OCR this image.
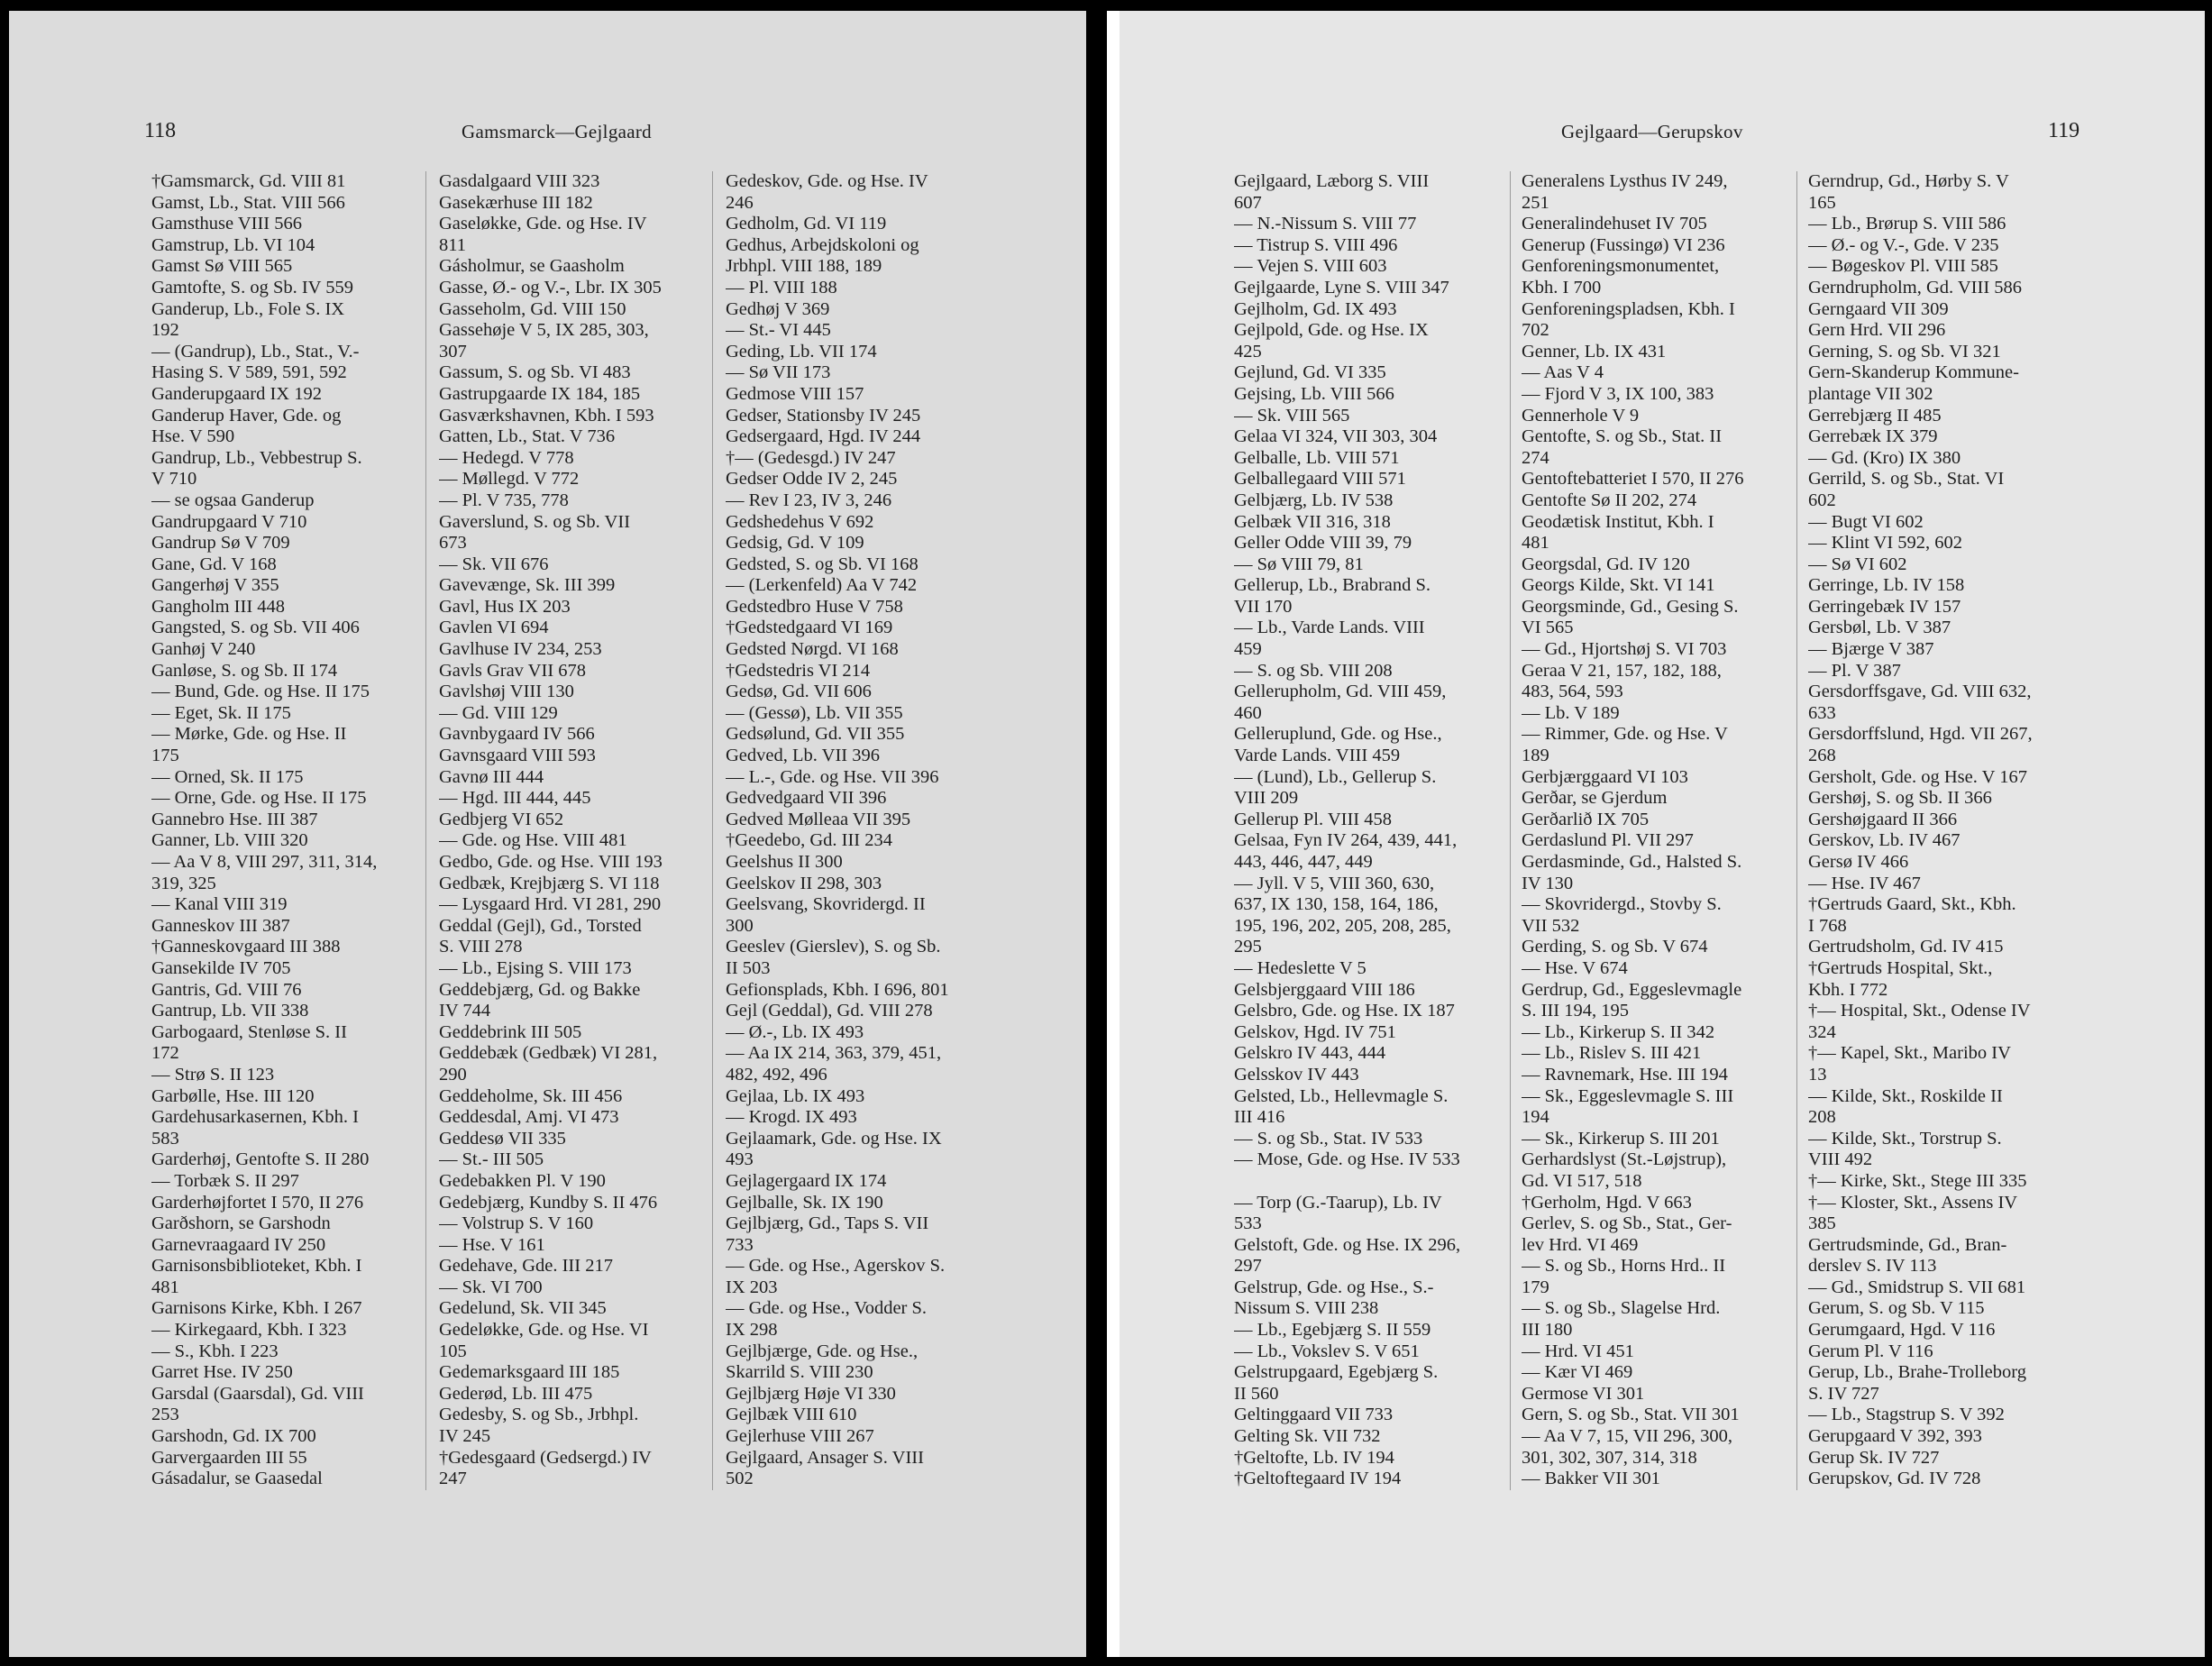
118	Gamsmarck—Gejlgaard
†Gamsmarck, Gd. VIII 81
Gamst, Lb., Stat. VIII 566
Gamsthuse VIII 566
Gamstrup, Lb. VI 104
Gamst Sø VIII 565
Gamtofte, S. og Sb. IV 559
Ganderup, Lb., Fole S. IX
192
— (Gandrup), Lb., Stat., V.-
Hasing S. V 589, 591, 592
Ganderupgaard IX 192
Ganderup Haver, Gde. og
Hse. V 590
Gandrup, Lb., Vebbestrup S.
V 710
— se ogsaa Ganderup
Gandrupgaard V 710
Gandrup Sø V 709
Gane, Gd. V 168
Gangerhøj V 355
Gangholm III 448
Gangsted, S. og Sb. VII 406
Ganhøj V 240
Ganløse, S. og Sb. II 174
— Bund, Gde. og Hse. II 175
— Eget, Sk. II 175
— Mørke, Gde. og Hse. II
175
— Orned, Sk. II 175
— Orne, Gde. og Hse. II 175
Gannebro Hse. III 387
Ganner, Lb. VIII 320
— Aa V 8, VIII 297, 311, 314,
319, 325
— Kanal VIII 319
Ganneskov III 387
†Ganneskovgaard III 388
Gansekilde IV 705
Gantris, Gd. VIII 76
Gantrup, Lb. VII 338
Garbogaard, Stenløse S. II
172
— Strø S. II 123
Garbølle, Hse. III 120
Gardehusarkasernen, Kbh. I
583
Garderhøj, Gentofte S. II 280
— Torbæk S. II 297
Garderhøjfortet I 570, II 276
Garðshorn, se Garshodn
Garnevraagaard IV 250
Garnisonsbiblioteket, Kbh. I
481
Garnisons Kirke, Kbh. I 267
— Kirkegaard, Kbh. I 323
— S., Kbh. I 223
Garret Hse. IV 250
Garsdal (Gaarsdal), Gd. VIII
253
Garshodn, Gd. IX 700
Garvergaarden III 55
Gásadalur, se Gaasedal
Gasdalgaard VIII 323
Gasekærhuse III 182
Gaseløkke, Gde. og Hse. IV
811
Gásholmur, se Gaasholm
Gasse, Ø.- og V.-, Lbr. IX 305
Gasseholm, Gd. VIII 150
Gassehøje V 5, IX 285, 303,
307
Gassum, S. og Sb. VI 483
Gastrupgaarde IX 184, 185
Gasværkshavnen, Kbh. I 593
Gatten, Lb., Stat. V 736
— Hedegd. V 778
— Møllegd. V 772
— Pl. V 735, 778
Gaverslund, S. og Sb. VII
673
— Sk. VII 676
Gavevænge, Sk. III 399
Gavl, Hus IX 203
Gavlen VI 694
Gavlhuse IV 234, 253
Gavls Grav VII 678
Gavlshøj VIII 130
— Gd. VIII 129
Gavnbygaard IV 566
Gavnsgaard VIII 593
Gavnø III 444
— Hgd. III 444, 445
Gedbjerg VI 652
— Gde. og Hse. VIII 481
Gedbo, Gde. og Hse. VIII 193
Gedbæk, Krejbjærg S. VI 118
— Lysgaard Hrd. VI 281, 290
Geddal (Gejl), Gd., Torsted
S. VIII 278
— Lb., Ejsing S. VIII 173
Geddebjærg, Gd. og Bakke
IV 744
Geddebrink III 505
Geddebæk (Gedbæk) VI 281,
290
Geddeholme, Sk. III 456
Geddesdal, Amj. VI 473
Geddesø VII 335
— St.- III 505
Gedebakken Pl. V 190
Gedebjærg, Kundby S. II 476
— Volstrup S. V 160
— Hse. V 161
Gedehave, Gde. III 217
— Sk. VI 700
Gedelund, Sk. VII 345
Gedeløkke, Gde. og Hse. VI
105
Gedemarksgaard III 185
Gederød, Lb. III 475
Gedesby, S. og Sb., Jrbhpl.
IV 245
†Gedesgaard (Gedsergd.) IV
247
Gedeskov, Gde. og Hse. IV
246
Gedholm, Gd. VI 119
Gedhus, Arbejdskoloni og
Jrbhpl. VIII 188, 189
— Pl. VIII 188
Gedhøj V 369
— St.- VI 445
Geding, Lb. VII 174
— Sø VII 173
Gedmose VIII 157
Gedser, Stationsby IV 245
Gedsergaard, Hgd. IV 244
†— (Gedesgd.) IV 247
Gedser Odde IV 2, 245
— Rev I 23, IV 3, 246
Gedshedehus V 692
Gedsig, Gd. V 109
Gedsted, S. og Sb. VI 168
— (Lerkenfeld) Aa V 742
Gedstedbro Huse V 758
†Gedstedgaard VI 169
Gedsted Nørgd. VI 168
†Gedstedris VI 214
Gedsø, Gd. VII 606
— (Gessø), Lb. VII 355
Gedsølund, Gd. VII 355
Gedved, Lb. VII 396
— L.-, Gde. og Hse. VII 396
Gedvedgaard VII 396
Gedved Mølleaa VII 395
†Geedebo, Gd. III 234
Geelshus II 300
Geelskov II 298, 303
Geelsvang, Skovridergd. II
300
Geeslev (Gierslev), S. og Sb.
II 503
Gefionsplads, Kbh. I 696, 801
Gejl (Geddal), Gd. VIII 278
— Ø.-, Lb. IX 493
— Aa IX 214, 363, 379, 451,
482, 492, 496
Gejlaa, Lb. IX 493
— Krogd. IX 493
Gejlaamark, Gde. og Hse. IX
493
Gejlagergaard IX 174
Gejlballe, Sk. IX 190
Gejlbjærg, Gd., Taps S. VII
733
— Gde. og Hse., Agerskov S.
IX 203
— Gde. og Hse., Vodder S.
IX 298
Gejlbjærge, Gde. og Hse.,
Skarrild S. VIII 230
Gejlbjærg Høje VI 330
Gejlbæk VIII 610
Gejlerhuse VIII 267
Gejlgaard, Ansager S. VIII
502
Gejlgaard—Gerupskov	119
Gejlgaard, Læborg S. VIII
607
— N.-Nissum S. VIII 77
— Tistrup S. VIII 496
— Vejen S. VIII 603
Gejlgaarde, Lyne S. VIII 347
Gejlholm, Gd. IX 493
Gejlpold, Gde. og Hse. IX
425
Gejlund, Gd. VI 335
Gejsing, Lb. VIII 566
— Sk. VIII 565
Gelaa VI 324, VII 303, 304
Gelballe, Lb. VIII 571
Gelballegaard VIII 571
Gelbjærg, Lb. IV 538
Gelbæk VII 316, 318
Geller Odde VIII 39, 79
— Sø VIII 79, 81
Gellerup, Lb., Brabrand S.
VII 170
— Lb., Varde Lands. VIII
459
— S. og Sb. VIII 208
Gellerupholm, Gd. VIII 459,
460
Gelleruplund, Gde. og Hse.,
Varde Lands. VIII 459
— (Lund), Lb., Gellerup S.
VIII 209
Gellerup Pl. VIII 458
Gelsaa, Fyn IV 264, 439, 441,
443, 446, 447, 449
— Jyll. V 5, VIII 360, 630,
637, IX 130, 158, 164, 186,
195, 196, 202, 205, 208, 285,
295
— Hedeslette V 5
Gelsbjerggaard VIII 186
Gelsbro, Gde. og Hse. IX 187
Gelskov, Hgd. IV 751
Gelskro IV 443, 444
Gelsskov IV 443
Gelsted, Lb., Hellevmagle S.
III 416
— S. og Sb., Stat. IV 533
— Mose, Gde. og Hse. IV 533
— Torp (G.-Taarup), Lb. IV
533
Gelstoft, Gde. og Hse. IX 296,
297
Gelstrup, Gde. og Hse., S.-
Nissum S. VIII 238
— Lb., Egebjærg S. II 559
— Lb., Vokslev S. V 651
Gelstrupgaard, Egebjærg S.
II 560
Geltinggaard VII 733
Gelting Sk. VII 732
†Geltofte, Lb. IV 194
†Geltoftegaard IV 194
Generalens Lysthus IV 249,
251
Generalindehuset IV 705
Generup (Fussingø) VI 236
Genforeningsmonumentet,
Kbh. I 700
Genforeningspladsen, Kbh. I
702
Genner, Lb. IX 431
— Aas V 4
— Fjord V 3, IX 100, 383
Gennerhole V 9
Gentofte, S. og Sb., Stat. II
274
Gentoftebatteriet I 570, II 276
Gentofte Sø II 202, 274
Geodætisk Institut, Kbh. I
481
Georgsdal, Gd. IV 120
Georgs Kilde, Skt. VI 141
Georgsminde, Gd., Gesing S.
VI 565
— Gd., Hjortshøj S. VI 703
Geraa V 21, 157, 182, 188,
483, 564, 593
— Lb. V 189
— Rimmer, Gde. og Hse. V
189
Gerbjærggaard VI 103
Gerðar, se Gjerdum
Gerðarlið IX 705
Gerdaslund Pl. VII 297
Gerdasminde, Gd., Halsted S.
IV 130
— Skovridergd., Stovby S.
VII 532
Gerding, S. og Sb. V 674
— Hse. V 674
Gerdrup, Gd., Eggeslevmagle
S. III 194, 195
— Lb., Kirkerup S. II 342
— Lb., Rislev S. III 421
— Ravnemark, Hse. III 194
— Sk., Eggeslevmagle S. III
194
— Sk., Kirkerup S. III 201
Gerhardslyst (St.-Løjstrup),
Gd. VI 517, 518
†Gerholm, Hgd. V 663
Gerlev, S. og Sb., Stat., Ger-
lev Hrd. VI 469
— S. og Sb., Horns Hrd.. II
179
— S. og Sb., Slagelse Hrd.
III 180
— Hrd. VI 451
— Kær VI 469
Germose VI 301
Gern, S. og Sb., Stat. VII 301
— Aa V 7, 15, VII 296, 300,
301, 302, 307, 314, 318
— Bakker VII 301
Gerndrup, Gd., Hørby S. V
165
— Lb., Brørup S. VIII 586
— Ø.- og V.-, Gde. V 235
— Bøgeskov Pl. VIII 585
Gerndrupholm, Gd. VIII 586
Gerngaard VII 309
Gern Hrd. VII 296
Gerning, S. og Sb. VI 321
Gern-Skanderup Kommune-
plantage VII 302
Gerrebjærg II 485
Gerrebæk IX 379
— Gd. (Kro) IX 380
Gerrild, S. og Sb., Stat. VI
602
— Bugt VI 602
— Klint VI 592, 602
— Sø VI 602
Gerringe, Lb. IV 158
Gerringebæk IV 157
Gersbøl, Lb. V 387
— Bjærge V 387
— Pl. V 387
Gersdorffsgave, Gd. VIII 632,
633
Gersdorffslund, Hgd. VII 267,
268
Gersholt, Gde. og Hse. V 167
Gershøj, S. og Sb. II 366
Gershøjgaard II 366
Gerskov, Lb. IV 467
Gersø IV 466
— Hse. IV 467
†Gertruds Gaard, Skt., Kbh.
I 768
Gertrudsholm, Gd. IV 415
†Gertruds Hospital, Skt.,
Kbh. I 772
†— Hospital, Skt., Odense IV
324
†— Kapel, Skt., Maribo IV
13
— Kilde, Skt., Roskilde II
208
— Kilde, Skt., Torstrup S.
VIII 492
†— Kirke, Skt., Stege III 335
†— Kloster, Skt., Assens IV
385
Gertrudsminde, Gd., Bran-
derslev S. IV 113
— Gd., Smidstrup S. VII 681
Gerum, S. og Sb. V 115
Gerumgaard, Hgd. V 116
Gerum Pl. V 116
Gerup, Lb., Brahe-Trolleborg
S. IV 727
— Lb., Stagstrup S. V 392
Gerupgaard V 392, 393
Gerup Sk. IV 727
Gerupskov, Gd. IV 728
